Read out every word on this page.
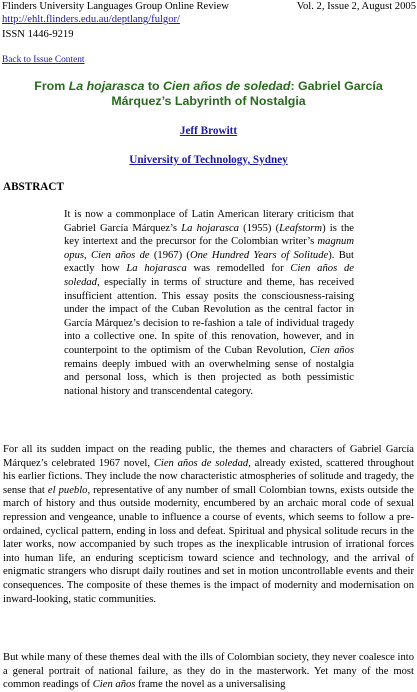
Flinders University Languages Group Online Review	Vol. 2, Issue 2, August 2005
http://ehlt.flinders.edu.au/deptlang/fulgor/
ISSN 1446-9219
Back to Issue Content
From La hojarasca to Cien años de soledad: Gabriel García Márquez’s Labyrinth of Nostalgia
Jeff Browitt
University of Technology, Sydney
ABSTRACT
It is now a commonplace of Latin American literary criticism that Gabriel García Márquez’s La hojarasca (1955) (Leafstorm) is the key intertext and the precursor for the Colombian writer’s magnum opus, Cien años de (1967) (One Hundred Years of Solitude). But exactly how La hojarasca was remodelled for Cien años de soledad, especially in terms of structure and theme, has received insufficient attention. This essay posits the consciousness-raising under the impact of the Cuban Revolution as the central factor in García Márquez’s decision to re-fashion a tale of individual tragedy into a collective one. In spite of this renovation, however, and in counterpoint to the optimism of the Cuban Revolution, Cien años remains deeply imbued with an overwhelming sense of nostalgia and personal loss, which is then projected as both pessimistic national history and transcendental category.
For all its sudden impact on the reading public, the themes and characters of Gabriel García Márquez’s celebrated 1967 novel, Cien años de soledad, already existed, scattered throughout his earlier fictions. They include the now characteristic atmospheries of solitude and tragedy, the sense that el pueblo, representative of any number of small Colombian towns, exists outside the march of history and thus outside modernity, encumbered by an archaic moral code of sexual repression and vengeance, unable to influence a course of events, which seems to follow a pre-ordained, cyclical pattern, ending in loss and defeat. Spiritual and physical solitude recurs in the later works, now accompanied by such tropes as the inexplicable intrusion of irrational forces into human life, an enduring scepticism toward science and technology, and the arrival of enigmatic strangers who disrupt daily routines and set in motion uncontrollable events and their consequences. The composite of these themes is the impact of modernity and modernisation on inward-looking, static communities.
But while many of these themes deal with the ills of Colombian society, they never coalesce into a general portrait of national failure, as they do in the masterwork. Yet many of the most common readings of Cien años frame the novel as a universalising
